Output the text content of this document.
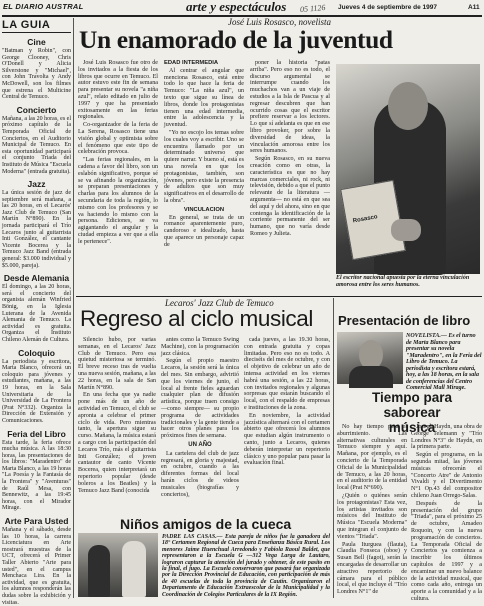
EL DIARIO AUSTRAL	arte y espectáculos 05 1126 Jueves 4 de septiembre de 1997	A11
LA GUIA
Cine
"Batman y Robin", con George Clooney, Chris O'Donell y Alicia Silverstone y "Michael", con John Travolta y Andy McDowell, son los filmes que estrena el Multicine Central de Temuco.
Concierto
Mañana, a las 20 horas, es el próximo capítulo de la Temporada Oficial de Conciertos, en el Auditorio Municipal de Temuco. En esta oportunidad participará el conjunto Triada del Instituto de Música "Escuela Moderna" (entrada gratuita).
Jazz
La única sesión de jazz de septiembre será mañana, a las 20 horas, en el Lecarós' Jazz Club de Temuco (San Martín N°890). En la jornada participará el Trío Lecaros junto al guitarrista Inti González, el cantante Vicente Bocerea y la Temuco Jazz Band (entrada general: $3.000 individual y $5.000, pareja).
Desde Alemania
El domingo, a las 20 horas, será el concierto del organista alemán Winfried Bönig, en la Iglesia Luterana de la Avenida Alemania de Temuco. La actividad es gratuita. Organiza el Instituto Chileno Alemán de Cultura.
Coloquio
La periodista y escritora, Marta Blanco, ofrecerá un coloquio para jóvenes y estudiantes, mañana, a las 19 horas, en la Sala Universitaria de la Universidad de La Frontera (Prat N°332). Organiza la Dirección de Extensión y Comunicaciones.
Feria del Libro
Esta tarde, la feria ofrece mucha música. A las 18:30 horas, las presentaciones de los libros: "Maradentro" de Marta Blanco, a las 19 horas "La Poesía y la Fantasía de la Frontera" y "Aventuras" de Raúl Mesa, con Bennewitz, a las 19:45 horas, con el Mirador Mirage.
Arte Para Usted
Mañana y el sábado, desde las 10 horas, la carrera Licenciatura en Arte mostrará muestras de la UCT, ofrecerá el Primer Taller Abierto "Arte para usted", en el campus Menchaca Lira. En la actividad, que es gratuita, los alumnos responderán las dudas sobre la exhibición y visitas.
José Luis Rosasco, novelista
Un enamorado de la juventud

José Luis Rosasco fue otro de los invitados a la fiesta de los libros que ocurre en Temuco. El autor estuvo este fin de semana para presentar su novela "a niña azul", relato editado en julio de 1997 y que ha presentado exitosamente en las ferias regionales.

Co-organizador de la feria de La Serena, Rosasco tiene una visión global y optimista sobre el fenómeno que este tipo de celebración provoca.

"Las ferias regionales, en la cadena a favor del libro, son un eslabón significativo, porque sé se va afinando la organización, se preparan presentaciones y charlas para los alumnos de la secundaria de toda la región, lo mismo con los profesores y se va haciendo lo mismo con la persona. Ediciones, se va agigantando el angular y la ciudad empieza a ver que a ella le pertenece".

EDAD INTERMEDIA

Al centrar el angular que menciona Rosasco, está entre todo lo que hace la feria de Temuco: "La niña azul", un texto que sigue su línea de libros, donde los protagonistas tienen una edad intermedia, entre la adolescencia y la juventud.

"Yo no escojo los temas sobre los cuales voy a escribir. Uno se encuentra llamado por un determinado universo que quiere narrar. Y bueno sí, está es una novela en que los protagonistas, también, son jóvenes, pero existe la presencia de adultos que son muy significativos en el desarrollo de la obra".

VINCULACION

En general, se trata de un romance aparentemente puro, candoroso e idealizado, hasta que aparece un personaje capaz de

poner la historia "patas arriba". Pero eso no es todo, el discurso argumental se interrumpe cuando los muchachos van a un viaje de estudios a la Isla de Pascua y al regresar descubren que han ocurrido cosas que el escritor prefiere reservar a los lectores. Lo que sí adelanta es que en ese libro provoker, por sobre la diversidad de ideas, la vinculación amorosa entre los seres humanos.

Según Rosasco, en su nueva creación como en otras, la característica es que no hay marcas comerciales, ni rock, ni televisión, debido a que el punto relevante de la literatura —argumenta— no está en que sea del aquí y del ahora, sino en que contenga la identificación de la corriente permanente del ser humano, que no varía desde Romeo y Julieta.

Rosasco
El escritor nacional apuesta por la eterna vinculación amorosa entre los seres humanos.
Lecaros' Jazz Club de Temuco
Regreso al ciclo musical

Silencio hubo, por varias semanas, en el Lecaros' Jazz Club de Temuco. Pero esa quietud misteriosa se terminó. El breve receso tras de vuelta una nueva sesión, mañana, a las 22 horas, en la sala de San Martín N°890.

En una fecha que ya nadie pone más de un año de actividad en Temuco, el club se apronta a celebrar el primer ciclo de vida. Pero mientras tanto, la apertura sigue su curso. Mañana, la música estará a cargo con la participación del Lecaros Trío, más el guitarrista Inti González; el joven cantautor de canto Vicente Bocerea, quien interpretará un repertorio popular (desde boleros a los Beatles) y la Temuco Jazz Band (conocida

antes como la Temuco Swing Machine), con la programación jazz clásica.

Según el propio maestro Lecaros, la sesión será la única del mes. Sin embargo, advirtió que los viernes de junio, el local al frente fieles aguardan cualquier plan de difusión artística, porque traen consigo —como siempre— su propio programa de actividades tradicionales y la gente tiende a hacer otros planes para los próximos fines de semana.

UN AÑO

La cartelera del club de jazz regresará, en gloria y majestad, en octubre, cuando a las diferentes formas del local harán ciclos de videos musicales (biografías y conciertos),

cada jueves, a las 19.30 horas, con entrada gratuita y copas limitadas. Pero eso no es todo. A dieciséis del mes de octubre, y con el objetivo de celebrar un año de intensa actividad en los viernes habrá una sesión, a las 22 horas, con invitados regionales y algunas sorpresas que estarán buscando el local, con el respaldo de empresas e instituciones de la zona.

En noviembre, la actividad jazzística alternará con el certamen abierto que ofrecerá los alumnos que estudian algún instrumento o canto, junto a Lecaros, quienes deberán interpretar un repertorio clásico y uno popular para pasar la evaluación final.

Niños amigos de la cueca
PADRE LAS CASAS.— Esta pareja de niños fue la ganadora del 18° Certamen Regional de Cueca para Enseñanza Básica Rural. Los menores Jaime Huenchual Arredondo y Fabiola Raoul Baldet, que representaron a la Escuela G —312 Vega Larga de Lautaro, lograron capturar la atención del jurado y obtener, de este pasito en la final, el jugo. La Escuela conservaron que pasará fue organizada por la Dirección Provincial de Educación, con participación de más de 40 escuelas de toda la provincia de Cautín. Organizaron el Departamento de Educación Extraescolar de la Municipalidad y la Coordinación de Colegios Particulares de la IX Región.
Presentación de libro
NOVELISTA.— Es el turno de Marta Blanco para presentar su novela "Maradentro", en la Feria del Libro de Temuco. La periodista y escritora estará, hoy, a las 18 horas, en la sala de conferencias del Centro Comercial Mall Mirage.
Tiempo para saborear música

No hay tiempo para el aburrimiento. Las alternativas culturales en Temuco siempre y aquí. Mañana, por ejemplo, es el concierto de la Temporada Oficial de la Municipalidad de Temuco, a las 20 horas, en el auditorio de la entidad local (Prat N°690).

¿Quién o quiénes serán los protagonistas? Esta vez, los artistas invitados son músicos del Instituto de Música "Escuela Moderna" que integran el conjunto de vientos "Triada".

Paula Iturguea (flauta), Claudia Fonseca (oboe) y Susan Bell (fagot), serán la encargadas de desarrollar un atractivo repertorio de cámara para el público local, el que incluye el "Trío Londres N°1" de

Joseph Haydn, una obra de George Telemann y "Trío Londres N°3" de Haydn, en la primera parte.

Según el programa, en la segunda mitad, las jóvenes músicas ofrecerán el "Concerto Atre" de Antonio Vivaldi y el Divertimento N°1 Op.43 del compositor chileno Juan Orrego-Salas.

Después de la presentación del grupo "Triada", para el próximo 25 de octubre, Amadeo Roquoin, y con la nueva programación de conciertos. La Temporada Oficial de Conciertos ya comienza a inscribir los últimos capítulos de 1997 y a encaminar un nuevo balance de la actividad musical, que como cada año, entrega un aporte a la comunidad y a la cultura.
